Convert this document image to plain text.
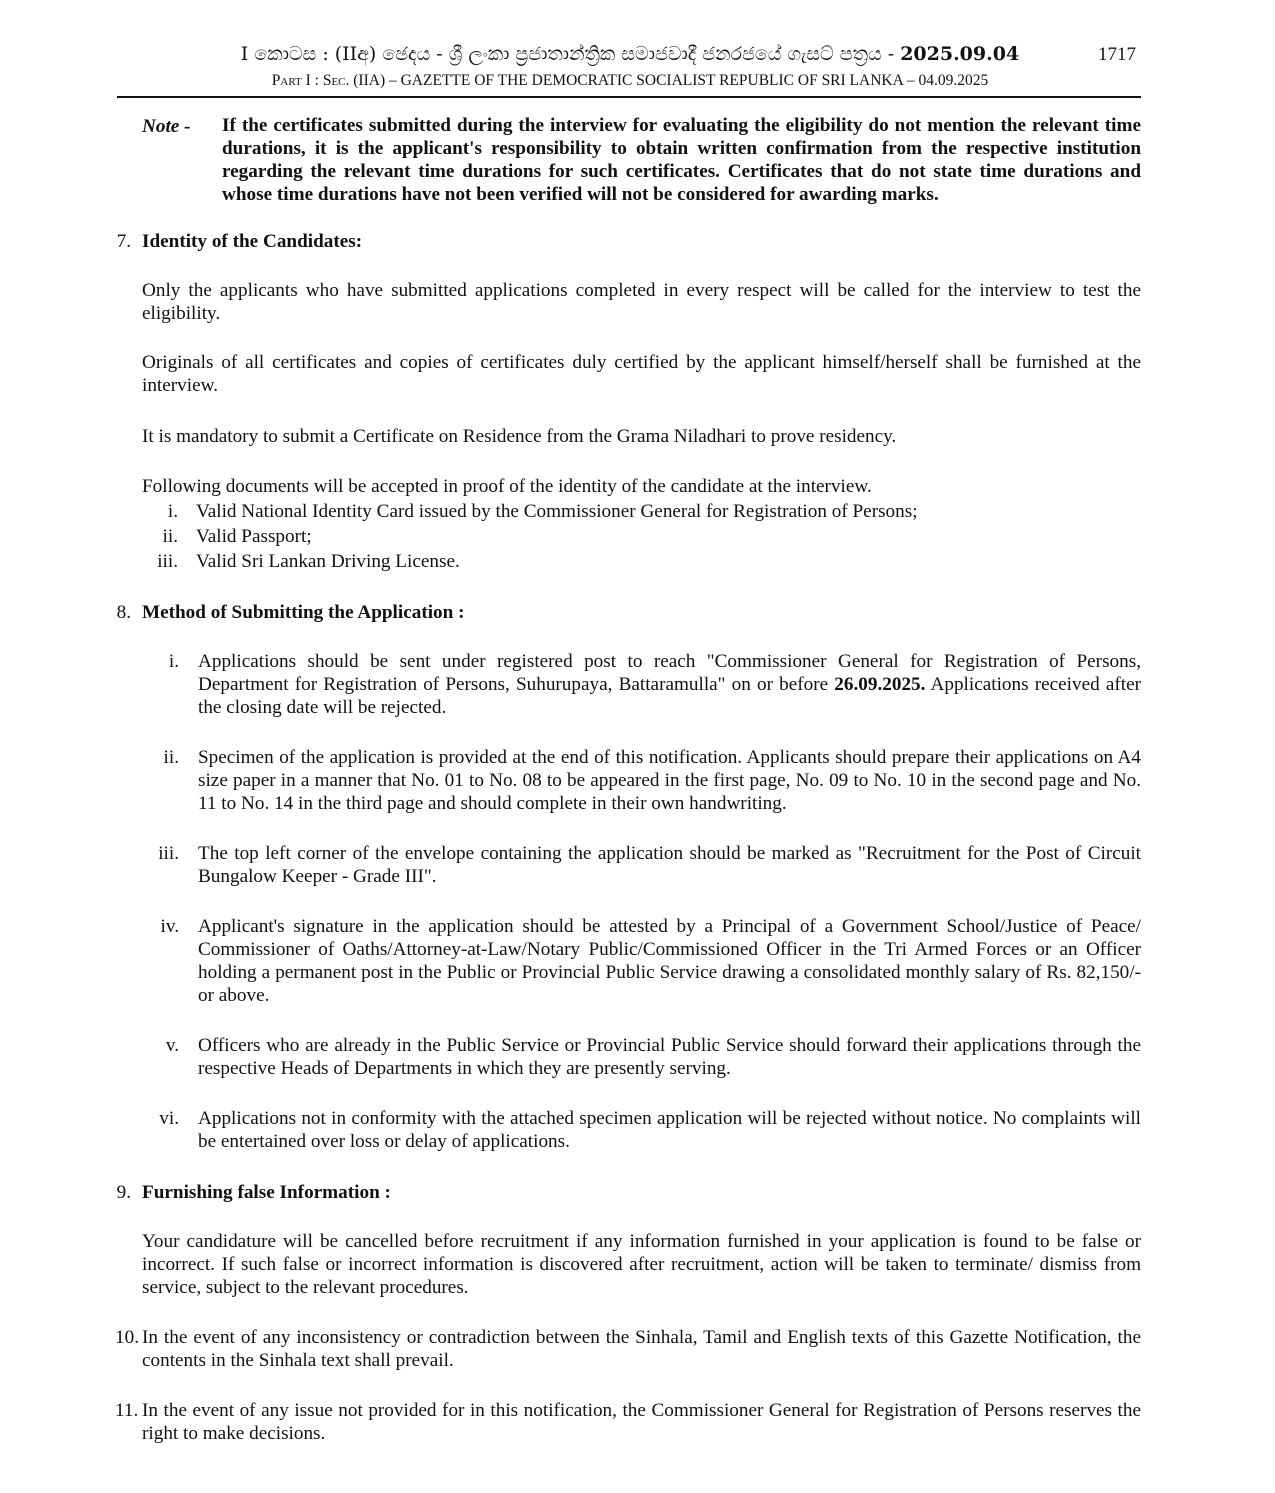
I කොටස : (IIඅ) ඡෙදය - ශ්‍රී ලංකා ප්‍රජාතාන්ත්‍රික සමාජවාදී ජනරජයේ ගැසට් පත්‍රය - 2025.09.04	1717
Part I : Sec. (IIA) – GAZETTE OF THE DEMOCRATIC SOCIALIST REPUBLIC OF SRI LANKA – 04.09.2025
Note - If the certificates submitted during the interview for evaluating the eligibility do not mention the relevant time durations, it is the applicant's responsibility to obtain written confirmation from the respective institution regarding the relevant time durations for such certificates. Certificates that do not state time durations and whose time durations have not been verified will not be considered for awarding marks.
7. Identity of the Candidates:
Only the applicants who have submitted applications completed in every respect will be called for the interview to test the eligibility.
Originals of all certificates and copies of certificates duly certified by the applicant himself/herself shall be furnished at the interview.
It is mandatory to submit a Certificate on Residence from the Grama Niladhari to prove residency.
Following documents will be accepted in proof of the identity of the candidate at the interview.
i. Valid National Identity Card issued by the Commissioner General for Registration of Persons;
ii. Valid Passport;
iii. Valid Sri Lankan Driving License.
8. Method of Submitting the Application :
i. Applications should be sent under registered post to reach "Commissioner General for Registration of Persons, Department for Registration of Persons, Suhurupaya, Battaramulla" on or before 26.09.2025. Applications received after the closing date will be rejected.
ii. Specimen of the application is provided at the end of this notification. Applicants should prepare their applications on A4 size paper in a manner that No. 01 to No. 08 to be appeared in the first page, No. 09 to No. 10 in the second page and No. 11 to No. 14 in the third page and should complete in their own handwriting.
iii. The top left corner of the envelope containing the application should be marked as "Recruitment for the Post of Circuit Bungalow Keeper - Grade III".
iv. Applicant's signature in the application should be attested by a Principal of a Government School/Justice of Peace/ Commissioner of Oaths/Attorney-at-Law/Notary Public/Commissioned Officer in the Tri Armed Forces or an Officer holding a permanent post in the Public or Provincial Public Service drawing a consolidated monthly salary of Rs. 82,150/- or above.
v. Officers who are already in the Public Service or Provincial Public Service should forward their applications through the respective Heads of Departments in which they are presently serving.
vi. Applications not in conformity with the attached specimen application will be rejected without notice. No complaints will be entertained over loss or delay of applications.
9. Furnishing false Information :
Your candidature will be cancelled before recruitment if any information furnished in your application is found to be false or incorrect. If such false or incorrect information is discovered after recruitment, action will be taken to terminate/ dismiss from service, subject to the relevant procedures.
10. In the event of any inconsistency or contradiction between the Sinhala, Tamil and English texts of this Gazette Notification, the contents in the Sinhala text shall prevail.
11. In the event of any issue not provided for in this notification, the Commissioner General for Registration of Persons reserves the right to make decisions.
